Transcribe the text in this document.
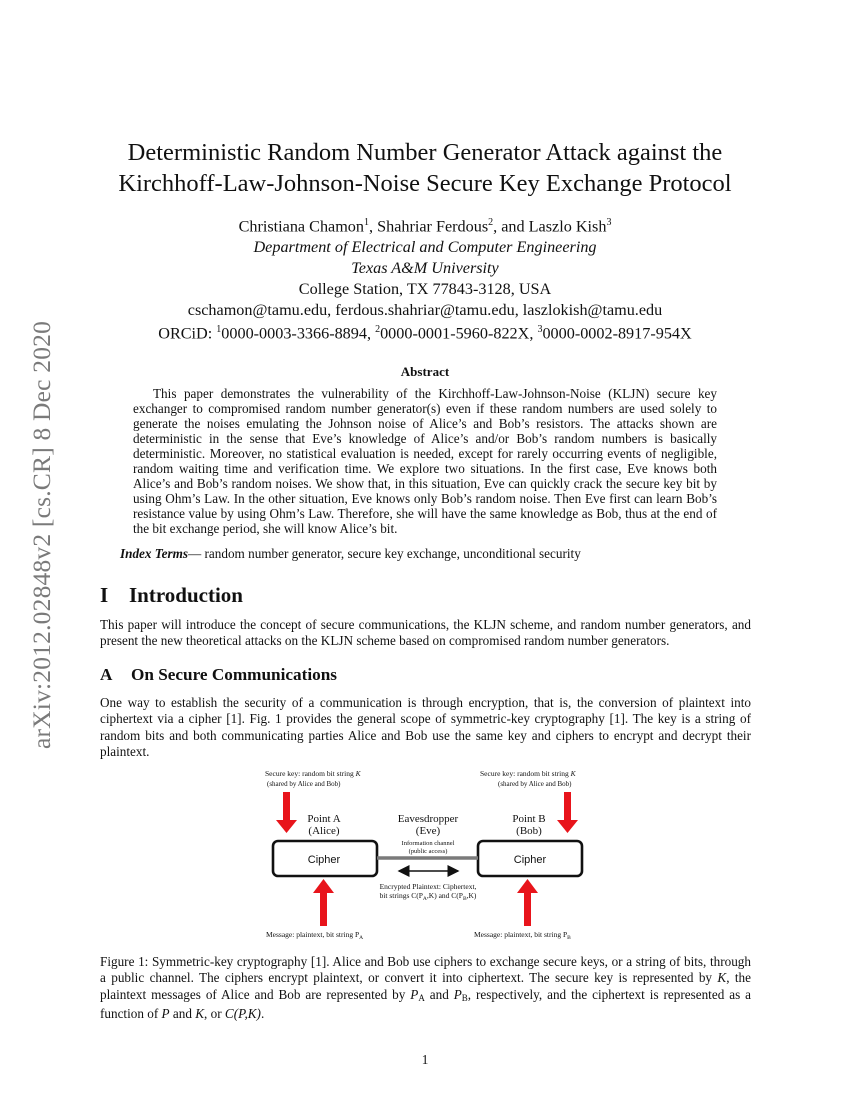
arXiv:2012.02848v2 [cs.CR] 8 Dec 2020
Deterministic Random Number Generator Attack against the
Kirchhoff-Law-Johnson-Noise Secure Key Exchange Protocol
Christiana Chamon$^1$, Shahriar Ferdous$^2$, and Laszlo Kish$^3$
Department of Electrical and Computer Engineering
Texas A&M University
College Station, TX 77843-3128, USA
cschamon@tamu.edu, ferdous.shahriar@tamu.edu, laszlokish@tamu.edu
ORCiD: $^1$0000-0003-3366-8894, $^2$0000-0001-5960-822X, $^3$0000-0002-8917-954X
Abstract
This paper demonstrates the vulnerability of the Kirchhoff-Law-Johnson-Noise (KLJN) secure key exchanger to compromised random number generator(s) even if these random numbers are used solely to generate the noises emulating the Johnson noise of Alice’s and Bob’s resistors. The attacks shown are deterministic in the sense that Eve’s knowledge of Alice’s and/or Bob’s random numbers is basically deterministic. Moreover, no statistical evaluation is needed, except for rarely occurring events of negligible, random waiting time and verification time. We explore two situations. In the first case, Eve knows both Alice’s and Bob’s random noises. We show that, in this situation, Eve can quickly crack the secure key bit by using Ohm’s Law. In the other situation, Eve knows only Bob’s random noise. Then Eve first can learn Bob’s resistance value by using Ohm’s Law. Therefore, she will have the same knowledge as Bob, thus at the end of the bit exchange period, she will know Alice’s bit.
Index Terms— random number generator, secure key exchange, unconditional security
I Introduction
This paper will introduce the concept of secure communications, the KLJN scheme, and random number generators, and present the new theoretical attacks on the KLJN scheme based on compromised random number generators.
A On Secure Communications
One way to establish the security of a communication is through encryption, that is, the conversion of plaintext into ciphertext via a cipher [1]. Fig. 1 provides the general scope of symmetric-key cryptography [1]. The key is a string of random bits and both communicating parties Alice and Bob use the same key and ciphers to encrypt and decrypt their plaintext.
Secure key: random bit string K
(shared by Alice and Bob)
Secure key: random bit string K
(shared by Alice and Bob)
Point A
(Alice)
Eavesdropper
(Eve)
Point B
(Bob)
Information channel
(public access)
Cipher	Cipher
Encrypted Plaintext: Ciphertext,
bit strings $C(P_A,K)$ and $C(P_B,K)$
Message: plaintext, bit string $P_A$	Message: plaintext, bit string $P_B$
Figure 1: Symmetric-key cryptography [1]. Alice and Bob use ciphers to exchange secure keys, or a string of bits, through a public channel. The ciphers encrypt plaintext, or convert it into ciphertext. The secure key is represented by K, the plaintext messages of Alice and Bob are represented by $P_A$ and $P_B$, respectively, and the ciphertext is represented as a function of P and K, or C(P,K).
1
